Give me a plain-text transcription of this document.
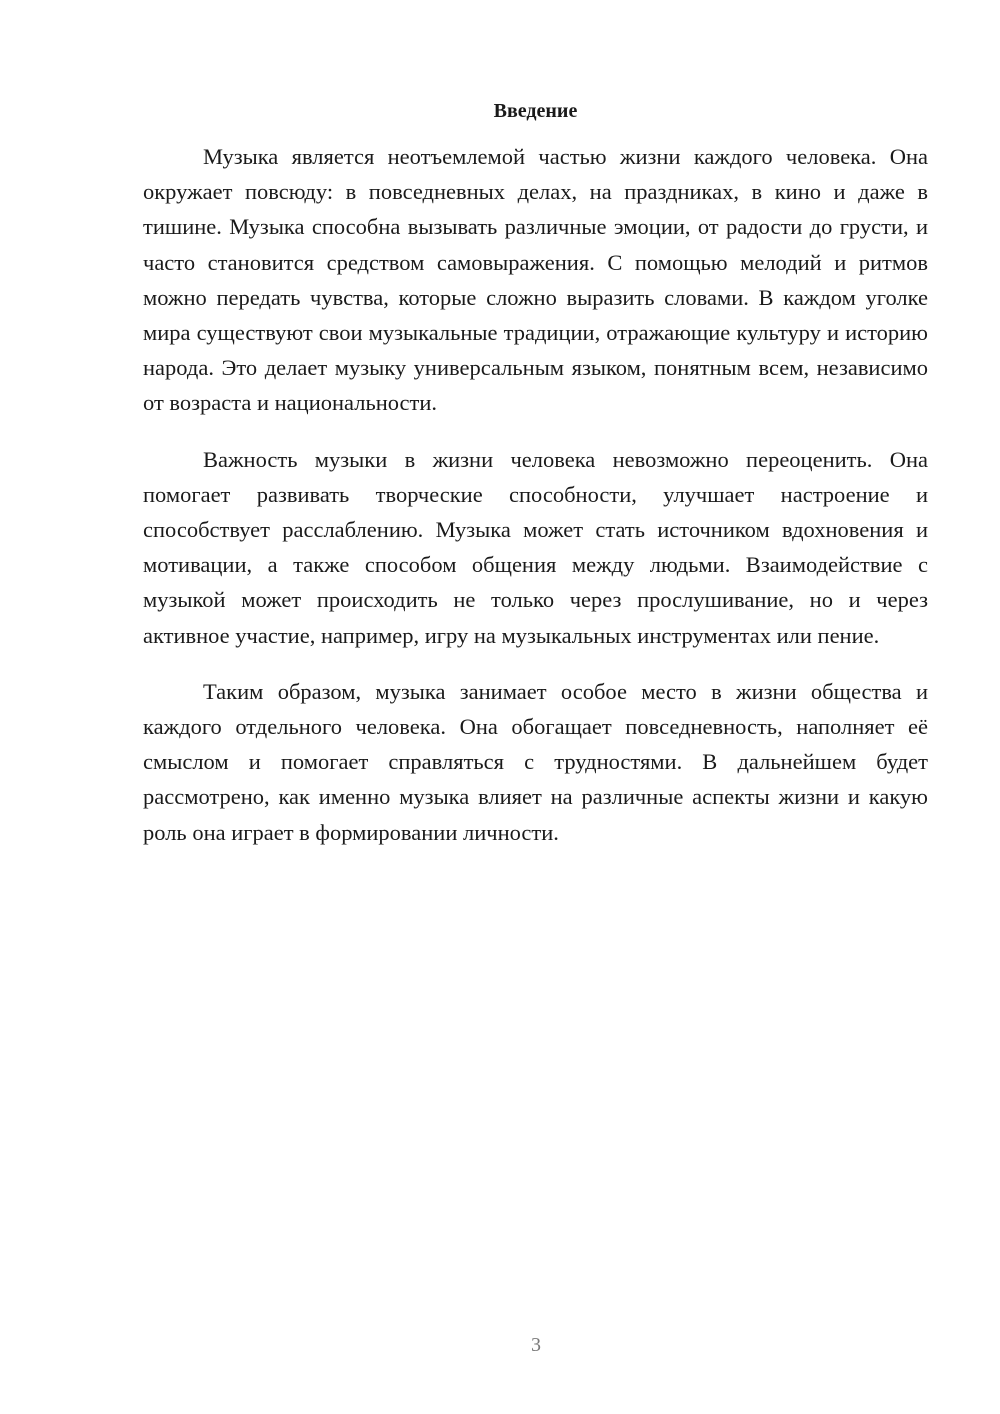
Введение

Музыка является неотъемлемой частью жизни каждого человека. Она окружает повсюду: в повседневных делах, на праздниках, в кино и даже в тишине. Музыка способна вызывать различные эмоции, от радости до грусти, и часто становится средством самовыражения. С помощью мелодий и ритмов можно передать чувства, которые сложно выразить словами. В каждом уголке мира существуют свои музыкальные традиции, отражающие культуру и историю народа. Это делает музыку универсальным языком, понятным всем, независимо от возраста и национальности.

Важность музыки в жизни человека невозможно переоценить. Она помогает развивать творческие способности, улучшает настроение и способствует расслаблению. Музыка может стать источником вдохновения и мотивации, а также способом общения между людьми. Взаимодействие с музыкой может происходить не только через прослушивание, но и через активное участие, например, игру на музыкальных инструментах или пение.

Таким образом, музыка занимает особое место в жизни общества и каждого отдельного человека. Она обогащает повседневность, наполняет её смыслом и помогает справляться с трудностями. В дальнейшем будет рассмотрено, как именно музыка влияет на различные аспекты жизни и какую роль она играет в формировании личности.

3
